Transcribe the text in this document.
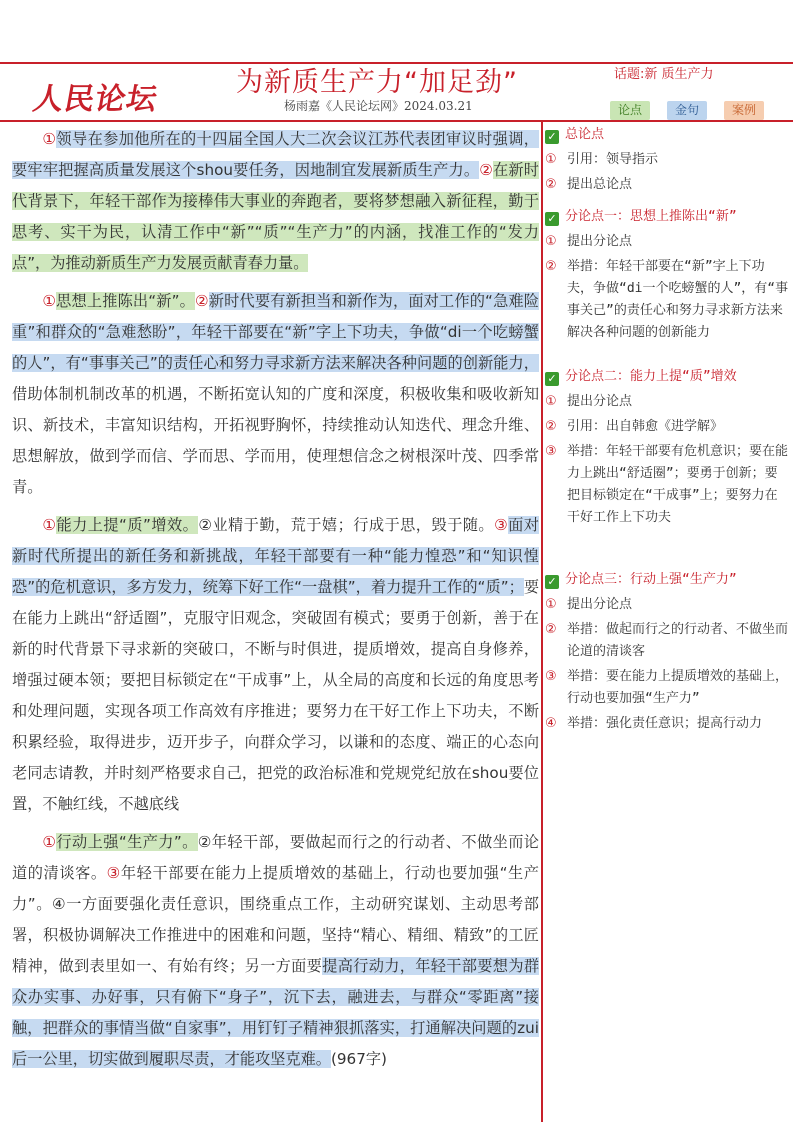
人民论坛	为新质生产力“加足劲”
杨雨嘉《人民论坛网》2024.03.21
话题:新 质生产力
论点	金句	案例

①领导在参加他所在的十四届全国人大二次会议江苏代表团审议时强调，要牢牢把握高质量发展这个shou要任务，因地制宜发展新质生产力。②在新时代背景下，年轻干部作为接棒伟大事业的奔跑者，要将梦想融入新征程，勤于思考、实干为民，认清工作中“新”“质”“生产力”的内涵，找准工作的“发力点”，为推动新质生产力发展贡献青春力量。

①思想上推陈出“新”。②新时代要有新担当和新作为，面对工作的“急难险重”和群众的“急难愁盼”，年轻干部要在“新”字上下功夫，争做“di一个吃螃蟹的人”，有“事事关己”的责任心和努力寻求新方法来解决各种问题的创新能力，借助体制机制改革的机遇，不断拓宽认知的广度和深度，积极收集和吸收新知识、新技术，丰富知识结构，开拓视野胸怀，持续推动认知迭代、理念升维、思想解放，做到学而信、学而思、学而用，使理想信念之树根深叶茂、四季常青。

①能力上提“质”增效。②业精于勤，荒于嬉；行成于思，毁于随。③面对新时代所提出的新任务和新挑战，年轻干部要有一种“能力惶恐”和“知识惶恐”的危机意识，多方发力，统筹下好工作“一盘棋”，着力提升工作的“质”；要在能力上跳出“舒适圈”，克服守旧观念，突破固有模式；要勇于创新，善于在新的时代背景下寻求新的突破口，不断与时俱进，提质增效，提高自身修养，增强过硬本领；要把目标锁定在“干成事”上，从全局的高度和长远的角度思考和处理问题，实现各项工作高效有序推进；要努力在干好工作上下功夫，不断积累经验，取得进步，迈开步子，向群众学习，以谦和的态度、端正的心态向老同志请教，并时刻严格要求自己，把党的政治标准和党规党纪放在shou要位置，不触红线，不越底线

①行动上强“生产力”。②年轻干部，要做起而行之的行动者、不做坐而论道的清谈客。③年轻干部要在能力上提质增效的基础上，行动也要加强“生产力”。④一方面要强化责任意识，围绕重点工作，主动研究谋划、主动思考部署，积极协调解决工作推进中的困难和问题，坚持“精心、精细、精致”的工匠精神，做到表里如一、有始有终；另一方面要提高行动力，年轻干部要想为群众办实事、办好事，只有俯下“身子”，沉下去，融进去，与群众“零距离”接触，把群众的事情当做“自家事”，用钉钉子精神狠抓落实，打通解决问题的zui后一公里，切实做到履职尽责，才能攻坚克难。(967字)

✓ 总论点
① 引用：领导指示
② 提出总论点
✓ 分论点一：思想上推陈出“新”
① 提出分论点
② 举措：年轻干部要在“新”字上下功夫，争做“di一个吃螃蟹的人”，有“事事关己”的责任心和努力寻求新方法来解决各种问题的创新能力
✓ 分论点二：能力上提“质”增效
① 提出分论点
② 引用：出自韩愈《进学解》
③ 举措：年轻干部要有危机意识；要在能力上跳出“舒适圈”；要勇于创新；要把目标锁定在“干成事”上；要努力在干好工作上下功夫
✓ 分论点三：行动上强“生产力”
① 提出分论点
② 举措：做起而行之的行动者、不做坐而论道的清谈客
③ 举措：要在能力上提质增效的基础上，行动也要加强“生产力”
④ 举措：强化责任意识；提高行动力
